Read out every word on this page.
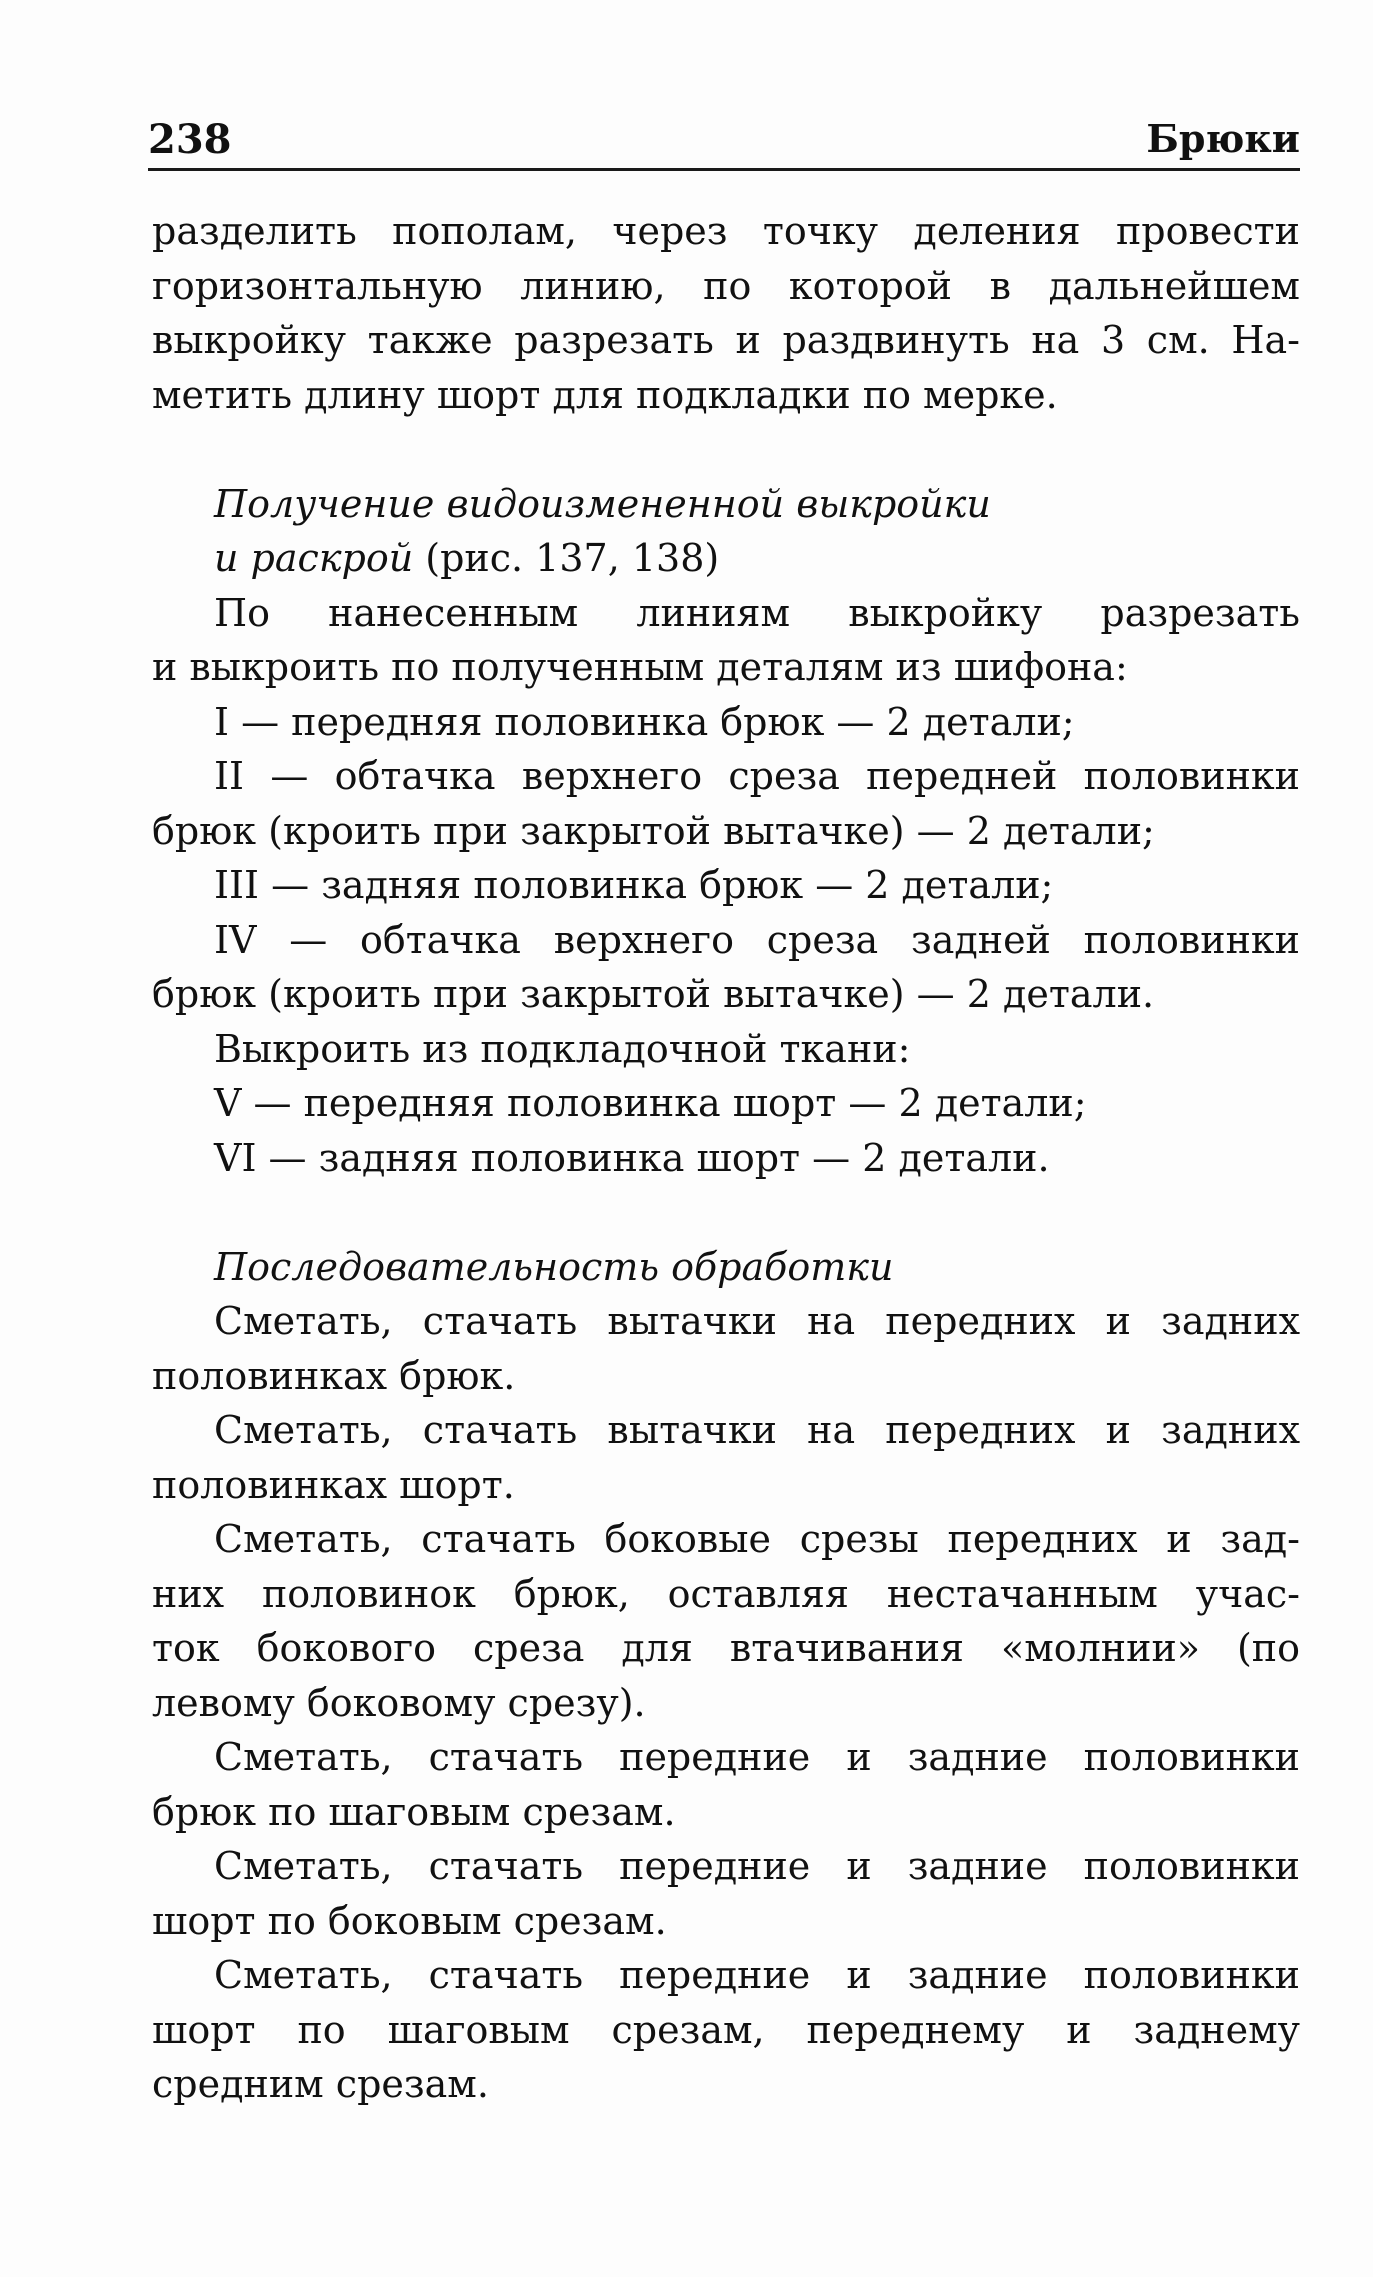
238	Брюки
разделить пополам, через точку деления провести
горизонтальную линию, по которой в дальнейшем
выкройку также разрезать и раздвинуть на 3 см. На-
метить длину шорт для подкладки по мерке.
Получение видоизмененной выкройки
и раскрой (рис. 137, 138)
По нанесенным линиям выкройку разрезать
и выкроить по полученным деталям из шифона:
I — передняя половинка брюк — 2 детали;
II — обтачка верхнего среза передней половинки
брюк (кроить при закрытой вытачке) — 2 детали;
III — задняя половинка брюк — 2 детали;
IV — обтачка верхнего среза задней половинки
брюк (кроить при закрытой вытачке) — 2 детали.
Выкроить из подкладочной ткани:
V — передняя половинка шорт — 2 детали;
VI — задняя половинка шорт — 2 детали.
Последовательность обработки
Сметать, стачать вытачки на передних и задних
половинках брюк.
Сметать, стачать вытачки на передних и задних
половинках шорт.
Сметать, стачать боковые срезы передних и зад-
них половинок брюк, оставляя нестачанным учас-
ток бокового среза для втачивания «молнии» (по
левому боковому срезу).
Сметать, стачать передние и задние половинки
брюк по шаговым срезам.
Сметать, стачать передние и задние половинки
шорт по боковым срезам.
Сметать, стачать передние и задние половинки
шорт по шаговым срезам, переднему и заднему
средним срезам.
